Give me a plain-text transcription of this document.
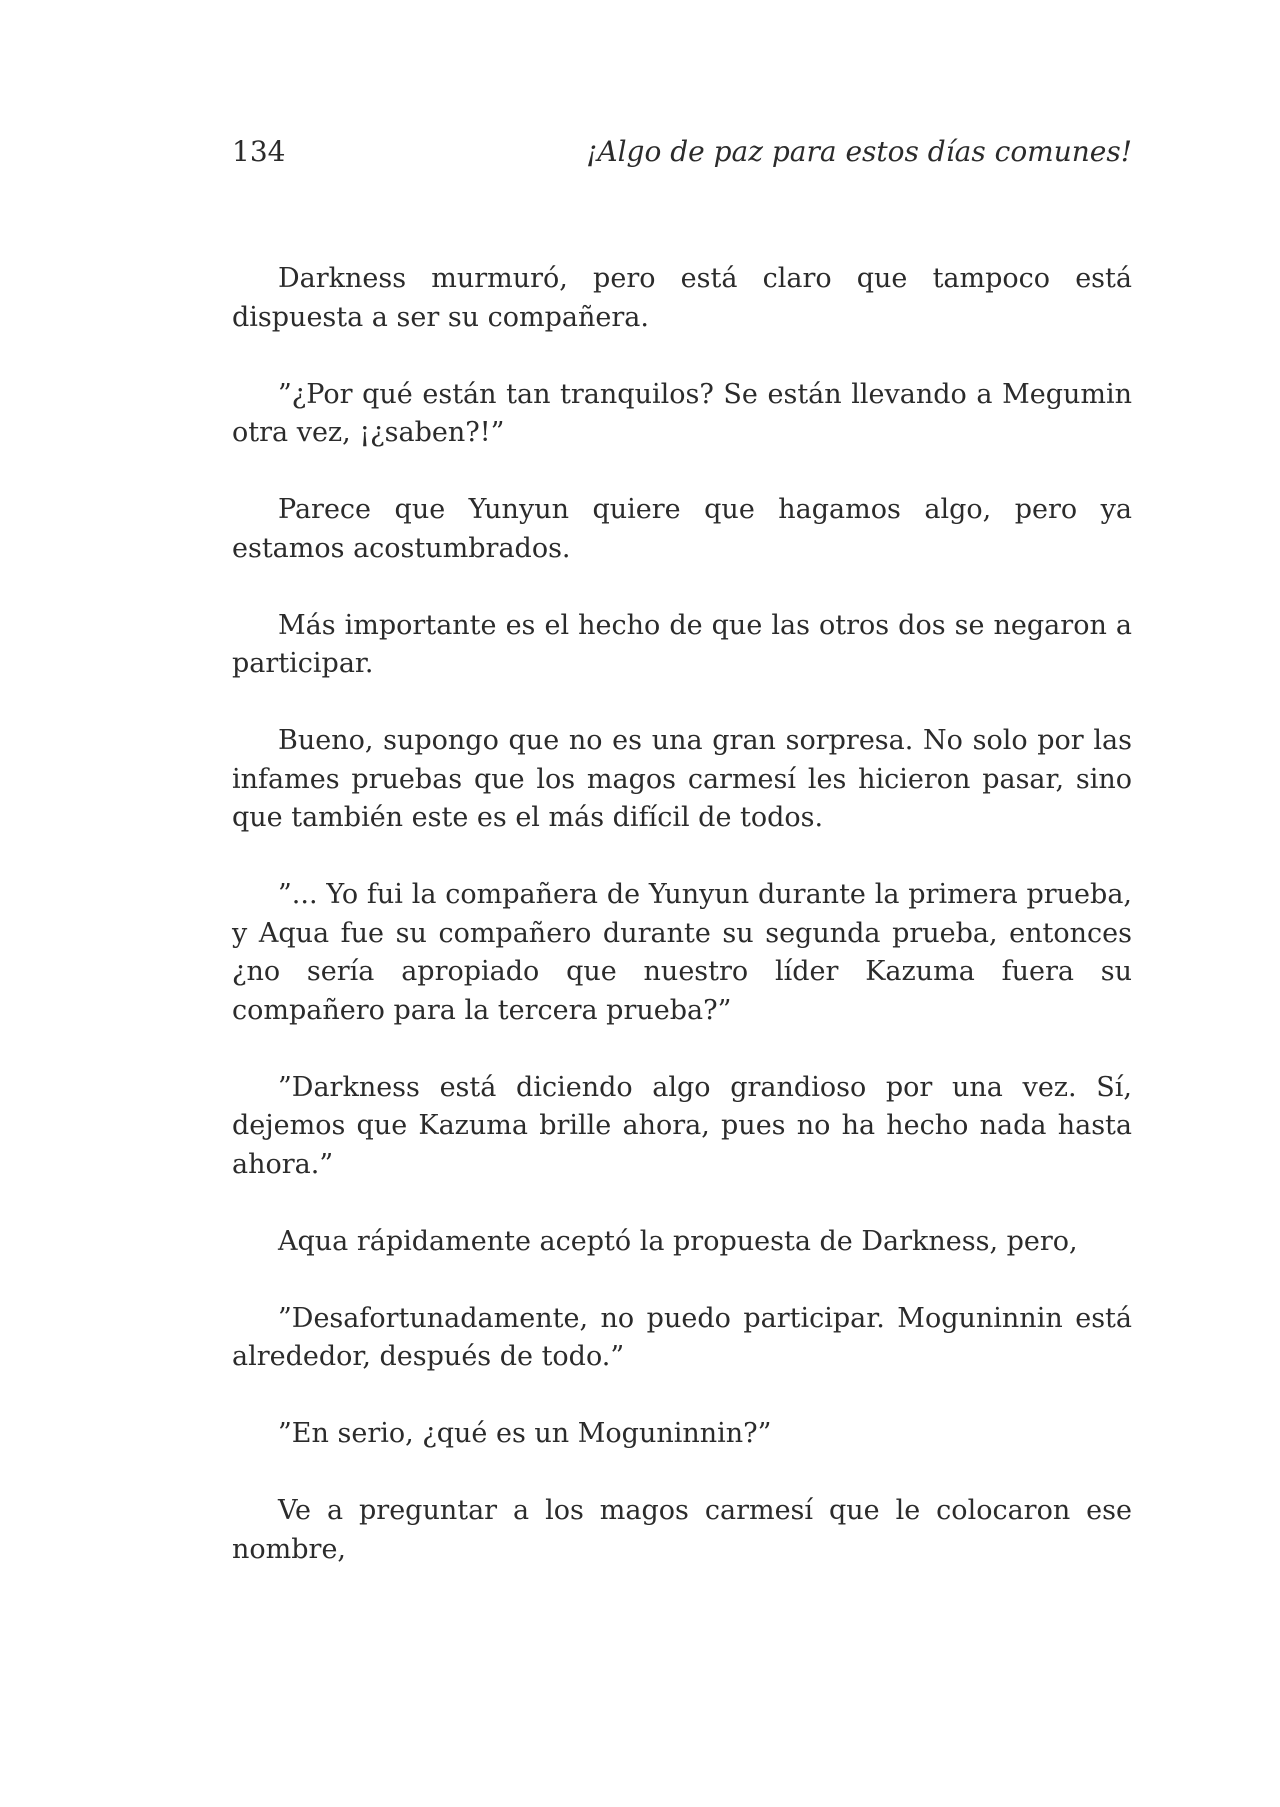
134	¡Algo de paz para estos días comunes!

Darkness murmuró, pero está claro que tampoco está dispuesta a ser su compañera.

”¿Por qué están tan tranquilos? Se están llevando a Megumin otra vez, ¡¿saben?!”

Parece que Yunyun quiere que hagamos algo, pero ya estamos acostumbrados.

Más importante es el hecho de que las otros dos se negaron a participar.

Bueno, supongo que no es una gran sorpresa. No solo por las infames pruebas que los magos carmesí les hicieron pasar, sino que también este es el más difícil de todos.

”... Yo fui la compañera de Yunyun durante la primera prueba, y Aqua fue su compañero durante su segunda prueba, entonces ¿no sería apropiado que nuestro líder Kazuma fuera su compañero para la tercera prueba?”

”Darkness está diciendo algo grandioso por una vez. Sí, dejemos que Kazuma brille ahora, pues no ha hecho nada hasta ahora.”

Aqua rápidamente aceptó la propuesta de Darkness, pero,

”Desafortunadamente, no puedo participar. Moguninnin está alrededor, después de todo.”

”En serio, ¿qué es un Moguninnin?”

Ve a preguntar a los magos carmesí que le colocaron ese nombre,
